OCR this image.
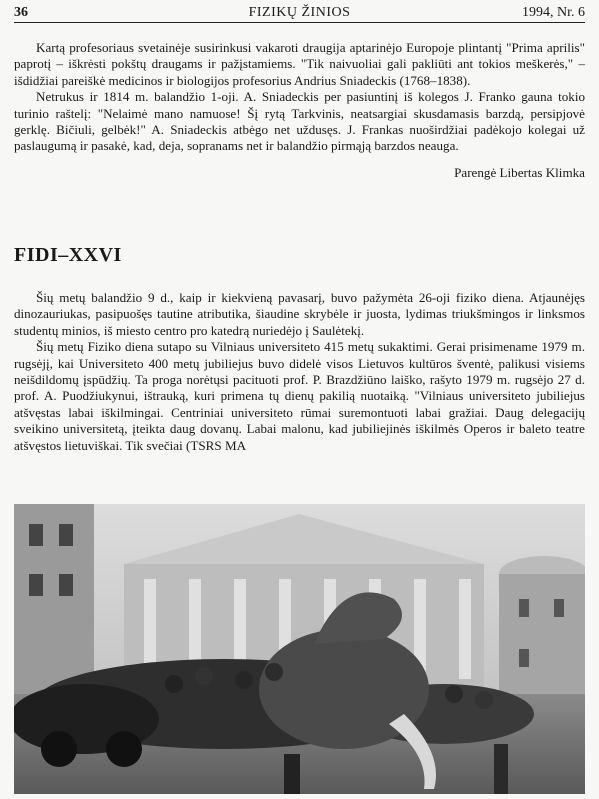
36	FIZIKŲ ŽINIOS	1994, Nr. 6

Kartą profesoriaus svetainėje susirinkusi vakaroti draugija aptarinėjo Europoje plintantį "Prima aprilis" paprotį – iškrėsti pokštų draugams ir pažįstamiems. "Tik naivuoliai gali pakliūti ant tokios meškerės," – išdidžiai pareiškė medicinos ir biologijos profesorius Andrius Sniadeckis (1768–1838).

Netrukus ir 1814 m. balandžio 1-oji. A. Sniadeckis per pasiuntinį iš kolegos J. Franko gauna tokio turinio raštelį: "Nelaimė mano namuose! Šį rytą Tarkvinis, neatsargiai skusdamasis barzdą, persipjovė gerklę. Bičiuli, gelbėk!" A. Sniadeckis atbėgo net uždusęs. J. Frankas nuoširdžiai padėkojo kolegai už paslaugumą ir pasakė, kad, deja, sopranams net ir balandžio pirmąją barzdos neauga.

Parengė Libertas Klimka

FIDI–XXVI

Šių metų balandžio 9 d., kaip ir kiekvieną pavasarį, buvo pažymėta 26-oji fiziko diena. Atjaunėjęs dinozauriukas, pasipuošęs tautine atributika, šiaudine skrybėle ir juosta, lydimas triukšmingos ir linksmos studentų minios, iš miesto centro pro katedrą nuriedėjo į Saulėtekį.

Šių metų Fiziko diena sutapo su Vilniaus universiteto 415 metų sukaktimi. Gerai prisimename 1979 m. rugsėjį, kai Universiteto 400 metų jubiliejus buvo didelė visos Lietuvos kultūros šventė, palikusi visiems neišdildomų įspūdžių. Ta proga norėtųsi pacituoti prof. P. Brazdžiūno laiško, rašyto 1979 m. rugsėjo 27 d. prof. A. Puodžiukynui, ištrauką, kuri primena tų dienų pakilią nuotaiką. "Vilniaus universiteto jubiliejus atšvęstas labai iškilmingai. Centriniai universiteto rūmai suremontuoti labai gražiai. Daug delegacijų sveikino universitetą, įteikta daug dovanų. Labai malonu, kad jubiliejinės iškilmės Operos ir baleto teatre atšvęstos lietuviškai. Tik svečiai (TSRS MA
